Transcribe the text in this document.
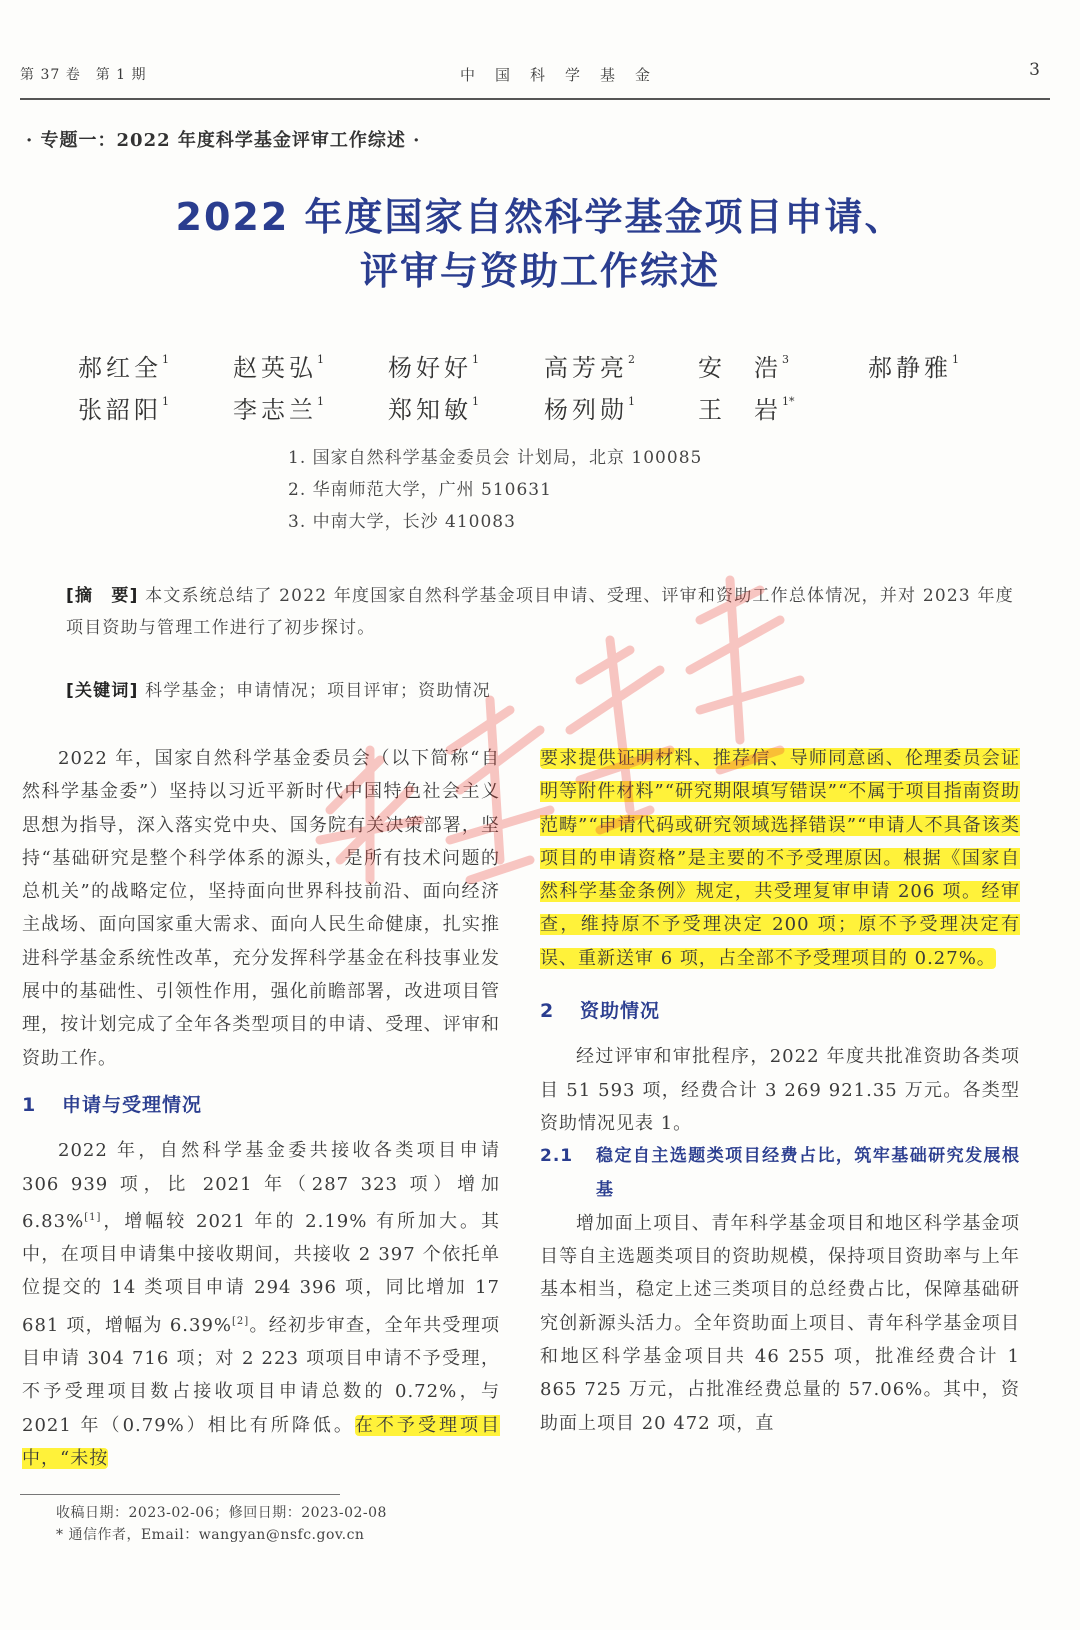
第 37 卷　第 1 期	中国科学基金	3
· 专题一：2022 年度科学基金评审工作综述 ·
2022 年度国家自然科学基金项目申请、
评审与资助工作综述
郝红全$^1$	赵英弘$^1$	杨好好$^1$	高芳亮$^2$	安　浩$^3$	郝静雅$^1$
张韶阳$^1$	李志兰$^1$	郑知敏$^1$	杨列勋$^1$	王　岩$^{1*}$
1. 国家自然科学基金委员会 计划局，北京 100085
2. 华南师范大学，广州 510631
3. 中南大学，长沙 410083
[摘　要] 本文系统总结了 2022 年度国家自然科学基金项目申请、受理、评审和资助工作总体情况，并对 2023 年度项目资助与管理工作进行了初步探讨。
[关键词] 科学基金；申请情况；项目评审；资助情况

2022 年，国家自然科学基金委员会（以下简称“自然科学基金委”）坚持以习近平新时代中国特色社会主义思想为指导，深入落实党中央、国务院有关决策部署，坚持“基础研究是整个科学体系的源头，是所有技术问题的总机关”的战略定位，坚持面向世界科技前沿、面向经济主战场、面向国家重大需求、面向人民生命健康，扎实推进科学基金系统性改革，充分发挥科学基金在科技事业发展中的基础性、引领性作用，强化前瞻部署，改进项目管理，按计划完成了全年各类型项目的申请、受理、评审和资助工作。

1 申请与受理情况

2022 年，自然科学基金委共接收各类项目申请 306 939 项，比 2021 年（287 323 项）增加 6.83%[1]，增幅较 2021 年的 2.19% 有所加大。其中，在项目申请集中接收期间，共接收 2 397 个依托单位提交的 14 类项目申请 294 396 项，同比增加 17 681 项，增幅为 6.39%[2]。经初步审查，全年共受理项目申请 304 716 项；对 2 223 项项目申请不予受理，不予受理项目数占接收项目申请总数的 0.72%，与 2021 年（0.79%）相比有所降低。在不予受理项目中，“未按

要求提供证明材料、推荐信、导师同意函、伦理委员会证明等附件材料”“研究期限填写错误”“不属于项目指南资助范畴”“申请代码或研究领域选择错误”“申请人不具备该类项目的申请资格”是主要的不予受理原因。根据《国家自然科学基金条例》规定，共受理复审申请 206 项。经审查，维持原不予受理决定 200 项；原不予受理决定有误、重新送审 6 项，占全部不予受理项目的 0.27%。

2 资助情况

经过评审和审批程序，2022 年度共批准资助各类项目 51 593 项，经费合计 3 269 921.35 万元。各类型资助情况见表 1。

2.1	稳定自主选题类项目经费占比，筑牢基础研究发展根基

增加面上项目、青年科学基金项目和地区科学基金项目等自主选题类项目的资助规模，保持项目资助率与上年基本相当，稳定上述三类项目的总经费占比，保障基础研究创新源头活力。全年资助面上项目、青年科学基金项目和地区科学基金项目共 46 255 项，批准经费合计 1 865 725 万元，占批准经费总量的 57.06%。其中，资助面上项目 20 472 项，直

收稿日期：2023-02-06；修回日期：2023-02-08
* 通信作者，Email：wangyan@nsfc.gov.cn
